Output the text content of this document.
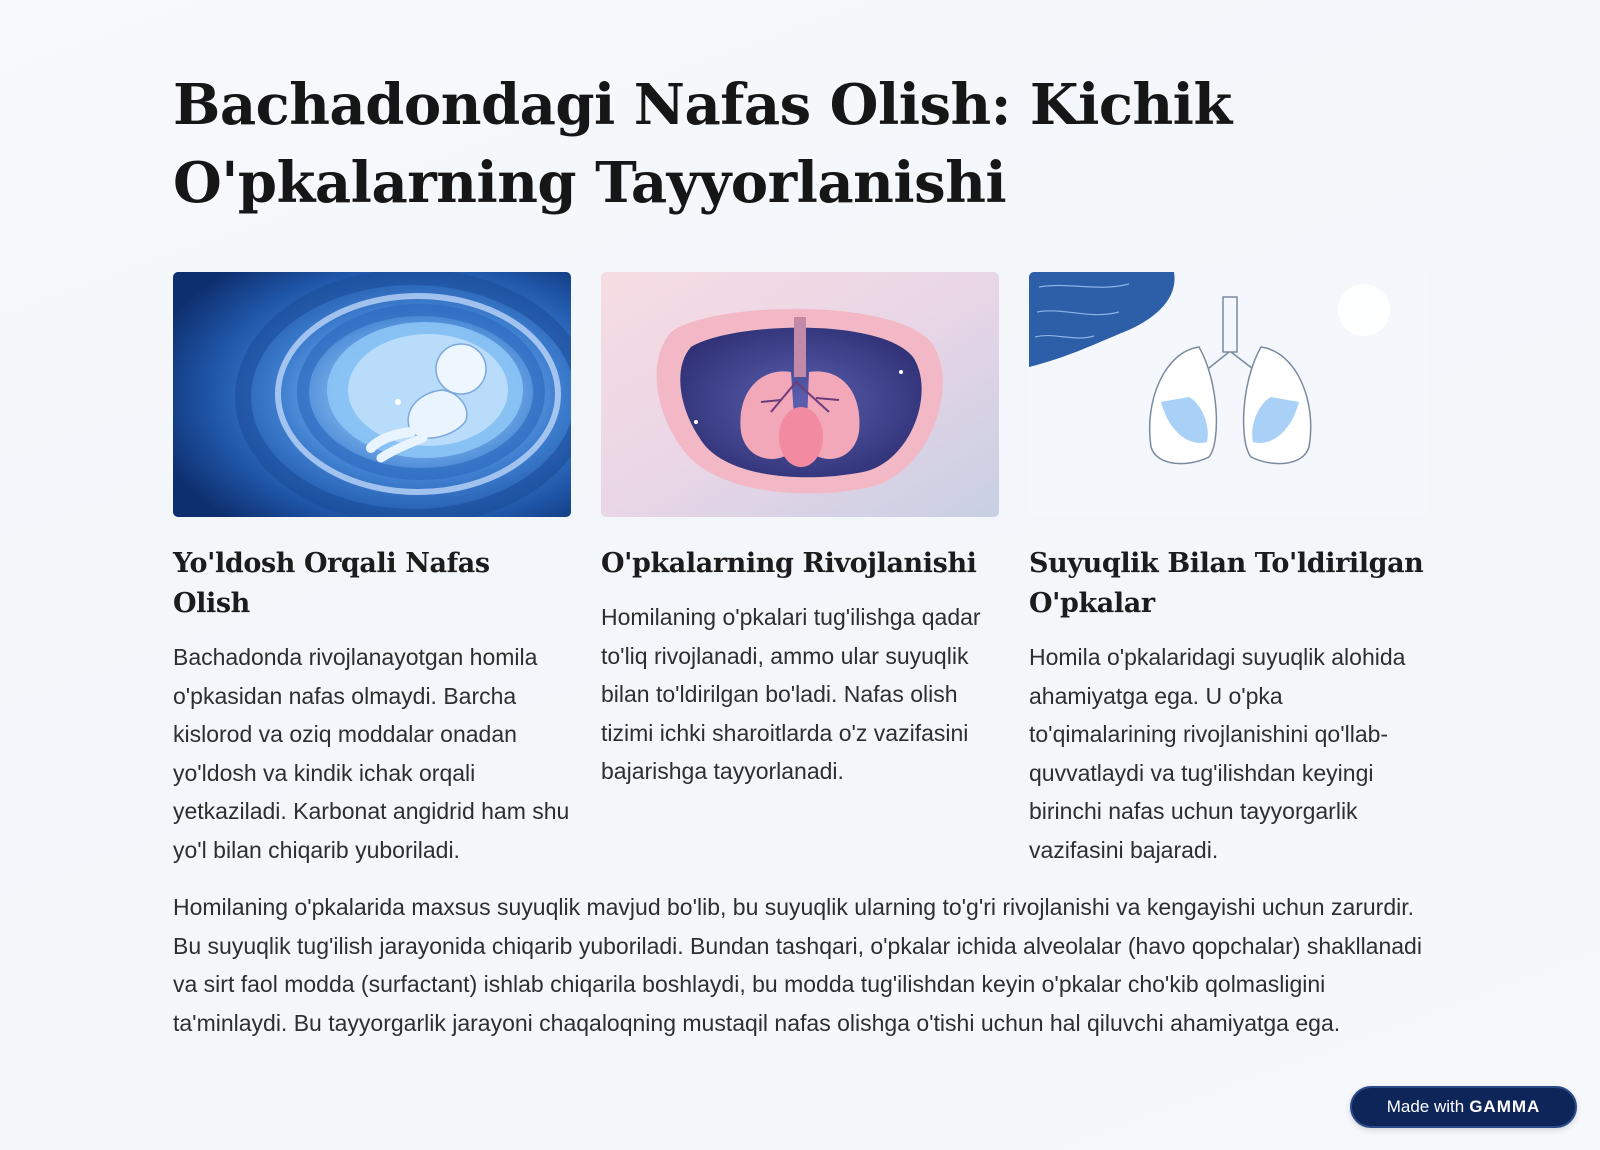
Bachadondagi Nafas Olish: Kichik O'pkalarning Tayyorlanishi
Yo'ldosh Orqali Nafas Olish

Bachadonda rivojlanayotgan homila o'pkasidan nafas olmaydi. Barcha kislorod va oziq moddalar onadan yo'ldosh va kindik ichak orqali yetkaziladi. Karbonat angidrid ham shu yo'l bilan chiqarib yuboriladi.

O'pkalarning Rivojlanishi

Homilaning o'pkalari tug'ilishga qadar to'liq rivojlanadi, ammo ular suyuqlik bilan to'ldirilgan bo'ladi. Nafas olish tizimi ichki sharoitlarda o'z vazifasini bajarishga tayyorlanadi.

Suyuqlik Bilan To'ldirilgan O'pkalar

Homila o'pkalaridagi suyuqlik alohida ahamiyatga ega. U o'pka to'qimalarining rivojlanishini qo'llab-quvvatlaydi va tug'ilishdan keyingi birinchi nafas uchun tayyorgarlik vazifasini bajaradi.

Homilaning o'pkalarida maxsus suyuqlik mavjud bo'lib, bu suyuqlik ularning to'g'ri rivojlanishi va kengayishi uchun zarurdir. Bu suyuqlik tug'ilish jarayonida chiqarib yuboriladi. Bundan tashqari, o'pkalar ichida alveolalar (havo qopchalar) shakllanadi va sirt faol modda (surfactant) ishlab chiqarila boshlaydi, bu modda tug'ilishdan keyin o'pkalar cho'kib qolmasligini ta'minlaydi. Bu tayyorgarlik jarayoni chaqaloqning mustaqil nafas olishga o'tishi uchun hal qiluvchi ahamiyatga ega.

Made with GAMMA
